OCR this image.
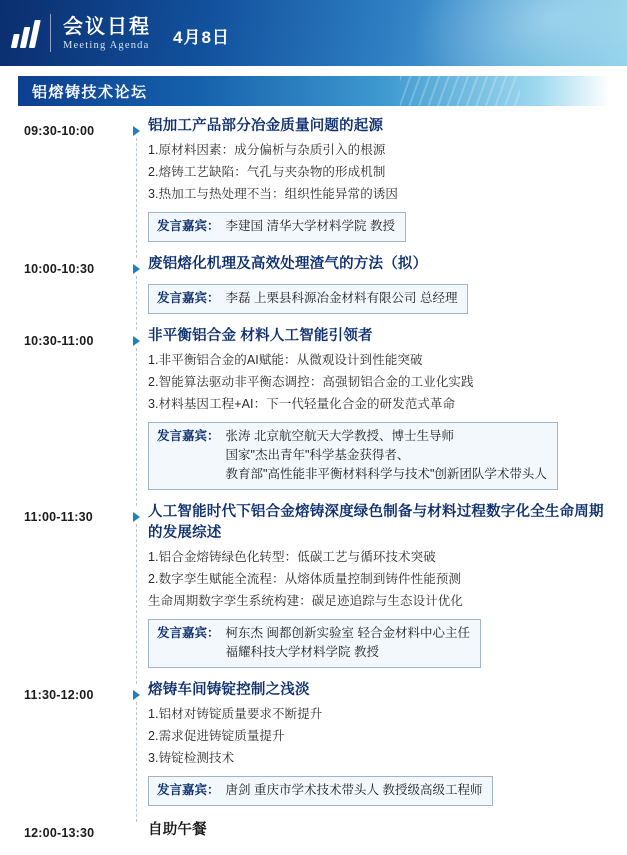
会议日程
Meeting Agenda 4月8日
铝熔铸技术论坛
09:30-10:00	铝加工产品部分冶金质量问题的起源
1.原材料因素：成分偏析与杂质引入的根源
2.熔铸工艺缺陷：气孔与夹杂物的形成机制
3.热加工与热处理不当：组织性能异常的诱因
发言嘉宾： 李建国 清华大学材料学院 教授
10:00-10:30	废铝熔化机理及高效处理渣气的方法（拟）
发言嘉宾： 李磊 上栗县科源冶金材料有限公司 总经理
10:30-11:00	非平衡铝合金 材料人工智能引领者
1.非平衡铝合金的AI赋能：从微观设计到性能突破
2.智能算法驱动非平衡态调控：高强韧铝合金的工业化实践
3.材料基因工程+AI：下一代轻量化合金的研发范式革命
发言嘉宾： 张涛 北京航空航天大学教授、博士生导师
国家"杰出青年"科学基金获得者、
教育部"高性能非平衡材料科学与技术"创新团队学术带头人
11:00-11:30	人工智能时代下铝合金熔铸深度绿色制备与材料过程数字化全生命周期的发展综述
1.铝合金熔铸绿色化转型：低碳工艺与循环技术突破
2.数字孪生赋能全流程：从熔体质量控制到铸件性能预测
生命周期数字孪生系统构建：碳足迹追踪与生态设计优化
发言嘉宾： 柯东杰 闽都创新实验室 轻合金材料中心主任
福耀科技大学材料学院 教授
11:30-12:00	熔铸车间铸锭控制之浅淡
1.铝材对铸锭质量要求不断提升
2.需求促进铸锭质量提升
3.铸锭检测技术
发言嘉宾： 唐剑 重庆市学术技术带头人 教授级高级工程师
12:00-13:30	自助午餐
